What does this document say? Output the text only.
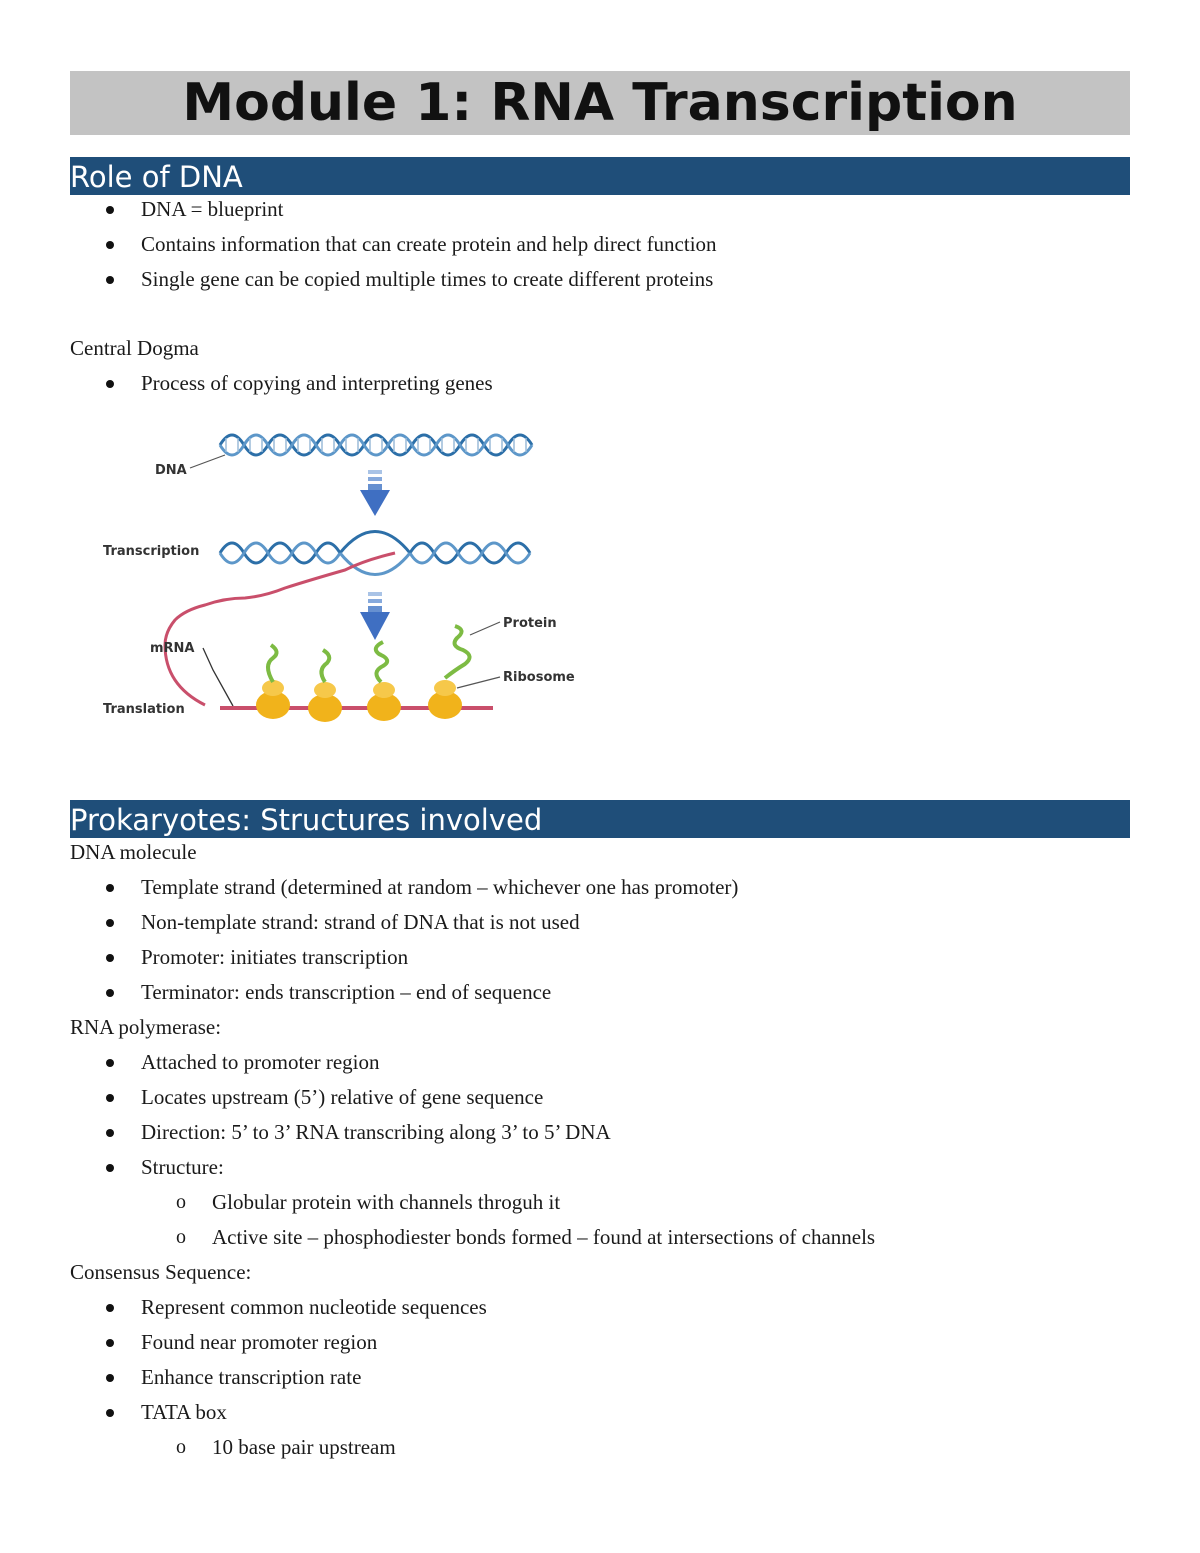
Module 1: RNA Transcription
Role of DNA
DNA = blueprint
Contains information that can create protein and help direct function
Single gene can be copied multiple times to create different proteins
Central Dogma
Process of copying and interpreting genes
DNA
Transcription
mRNA
Translation
Protein
Ribosome
Prokaryotes: Structures involved
DNA molecule
Template strand (determined at random – whichever one has promoter)
Non-template strand: strand of DNA that is not used
Promoter: initiates transcription
Terminator: ends transcription – end of sequence
RNA polymerase:
Attached to promoter region
Locates upstream (5’) relative of gene sequence
Direction: 5’ to 3’ RNA transcribing along 3’ to 5’ DNA
Structure:
o Globular protein with channels throguh it
o Active site – phosphodiester bonds formed – found at intersections of channels
Consensus Sequence:
Represent common nucleotide sequences
Found near promoter region
Enhance transcription rate
TATA box
o 10 base pair upstream
